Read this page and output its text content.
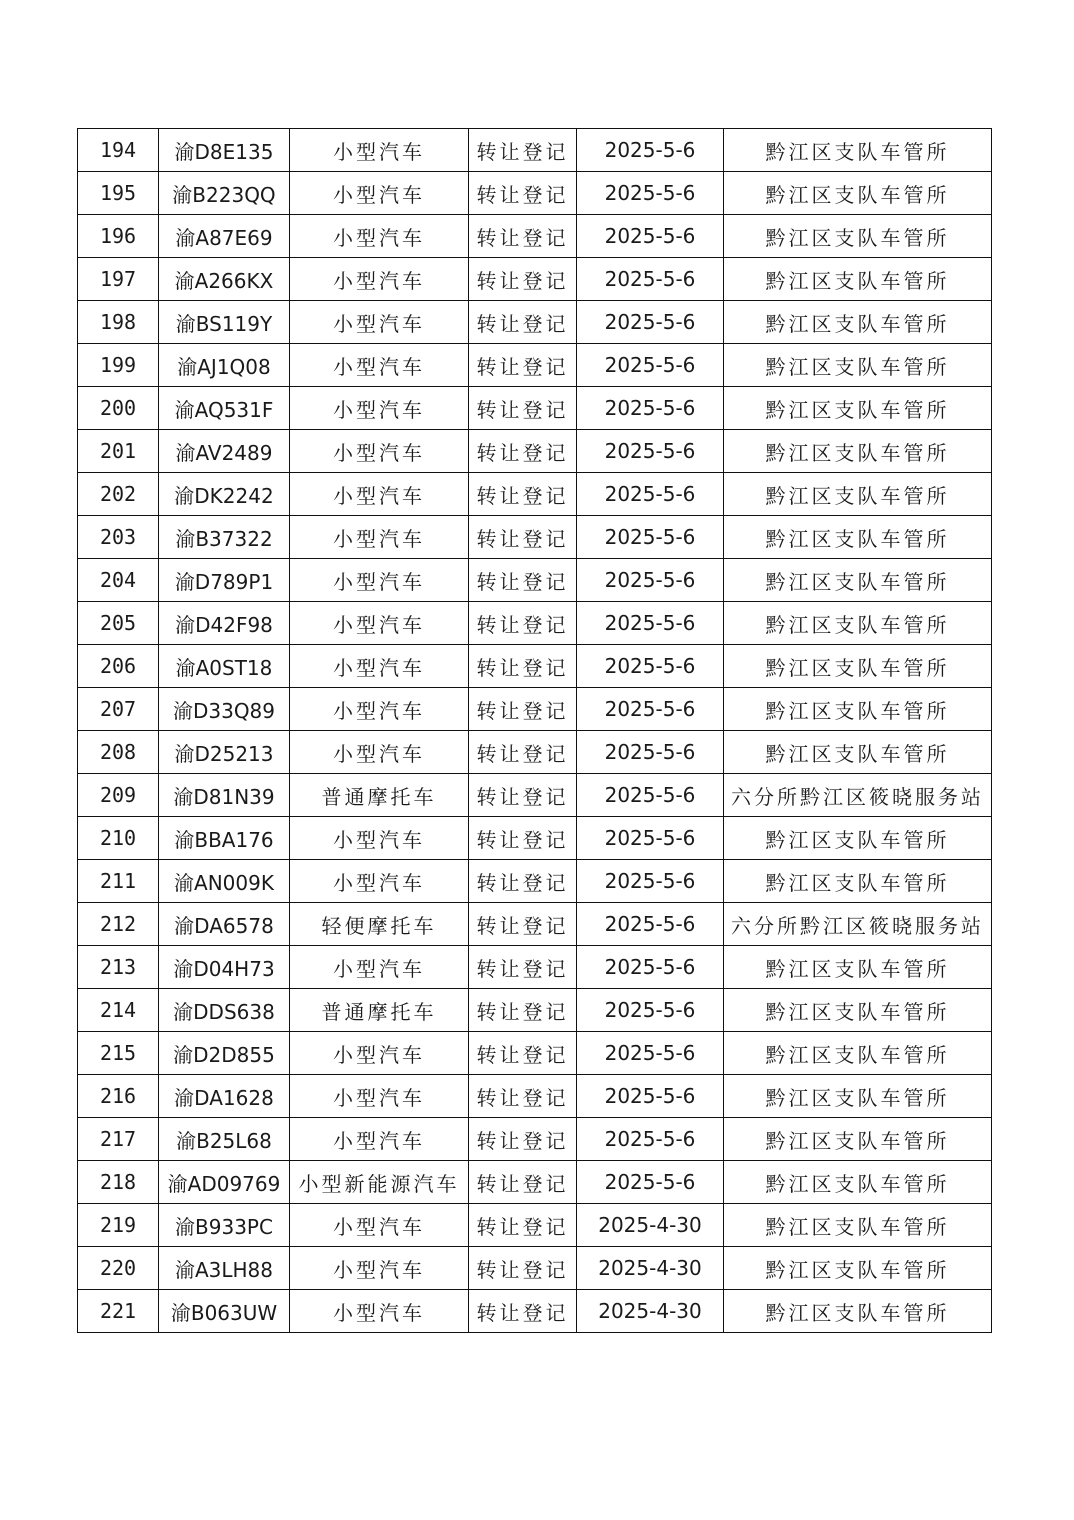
194	渝D8E135	小型汽车	转让登记	2025-5-6	黔江区支队车管所
195	渝B223QQ	小型汽车	转让登记	2025-5-6	黔江区支队车管所
196	渝A87E69	小型汽车	转让登记	2025-5-6	黔江区支队车管所
197	渝A266KX	小型汽车	转让登记	2025-5-6	黔江区支队车管所
198	渝BS119Y	小型汽车	转让登记	2025-5-6	黔江区支队车管所
199	渝AJ1Q08	小型汽车	转让登记	2025-5-6	黔江区支队车管所
200	渝AQ531F	小型汽车	转让登记	2025-5-6	黔江区支队车管所
201	渝AV2489	小型汽车	转让登记	2025-5-6	黔江区支队车管所
202	渝DK2242	小型汽车	转让登记	2025-5-6	黔江区支队车管所
203	渝B37322	小型汽车	转让登记	2025-5-6	黔江区支队车管所
204	渝D789P1	小型汽车	转让登记	2025-5-6	黔江区支队车管所
205	渝D42F98	小型汽车	转让登记	2025-5-6	黔江区支队车管所
206	渝A0ST18	小型汽车	转让登记	2025-5-6	黔江区支队车管所
207	渝D33Q89	小型汽车	转让登记	2025-5-6	黔江区支队车管所
208	渝D25213	小型汽车	转让登记	2025-5-6	黔江区支队车管所
209	渝D81N39	普通摩托车	转让登记	2025-5-6	六分所黔江区筱晓服务站
210	渝BBA176	小型汽车	转让登记	2025-5-6	黔江区支队车管所
211	渝AN009K	小型汽车	转让登记	2025-5-6	黔江区支队车管所
212	渝DA6578	轻便摩托车	转让登记	2025-5-6	六分所黔江区筱晓服务站
213	渝D04H73	小型汽车	转让登记	2025-5-6	黔江区支队车管所
214	渝DDS638	普通摩托车	转让登记	2025-5-6	黔江区支队车管所
215	渝D2D855	小型汽车	转让登记	2025-5-6	黔江区支队车管所
216	渝DA1628	小型汽车	转让登记	2025-5-6	黔江区支队车管所
217	渝B25L68	小型汽车	转让登记	2025-5-6	黔江区支队车管所
218	渝AD09769	小型新能源汽车	转让登记	2025-5-6	黔江区支队车管所
219	渝B933PC	小型汽车	转让登记	2025-4-30	黔江区支队车管所
220	渝A3LH88	小型汽车	转让登记	2025-4-30	黔江区支队车管所
221	渝B063UW	小型汽车	转让登记	2025-4-30	黔江区支队车管所
